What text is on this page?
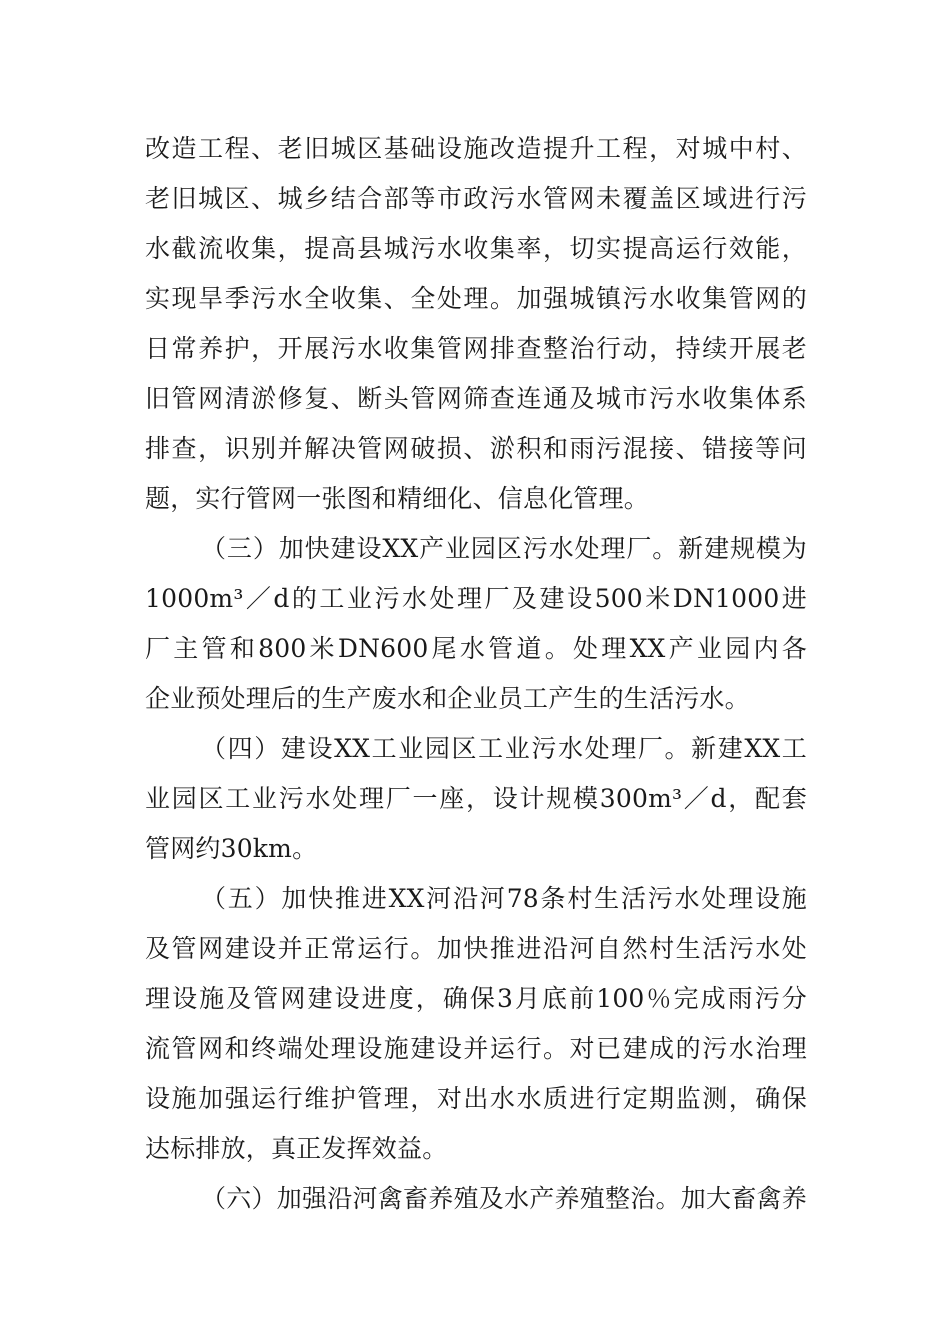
改造工程、老旧城区基础设施改造提升工程，对城中村、
老旧城区、城乡结合部等市政污水管网未覆盖区域进行污
水截流收集，提高县城污水收集率，切实提高运行效能，
实现旱季污水全收集、全处理。加强城镇污水收集管网的
日常养护，开展污水收集管网排查整治行动，持续开展老
旧管网清淤修复、断头管网筛查连通及城市污水收集体系
排查，识别并解决管网破损、淤积和雨污混接、错接等问
题，实行管网一张图和精细化、信息化管理。
（三）加快建设XX产业园区污水处理厂。新建规模为
1000m³／d的工业污水处理厂及建设500米DN1000进
厂主管和800米DN600尾水管道。处理XX产业园内各
企业预处理后的生产废水和企业员工产生的生活污水。
（四）建设XX工业园区工业污水处理厂。新建XX工
业园区工业污水处理厂一座，设计规模300m³／d，配套
管网约30km。
（五）加快推进XX河沿河78条村生活污水处理设施
及管网建设并正常运行。加快推进沿河自然村生活污水处
理设施及管网建设进度，确保3月底前100％完成雨污分
流管网和终端处理设施建设并运行。对已建成的污水治理
设施加强运行维护管理，对出水水质进行定期监测，确保
达标排放，真正发挥效益。
（六）加强沿河禽畜养殖及水产养殖整治。加大畜禽养
